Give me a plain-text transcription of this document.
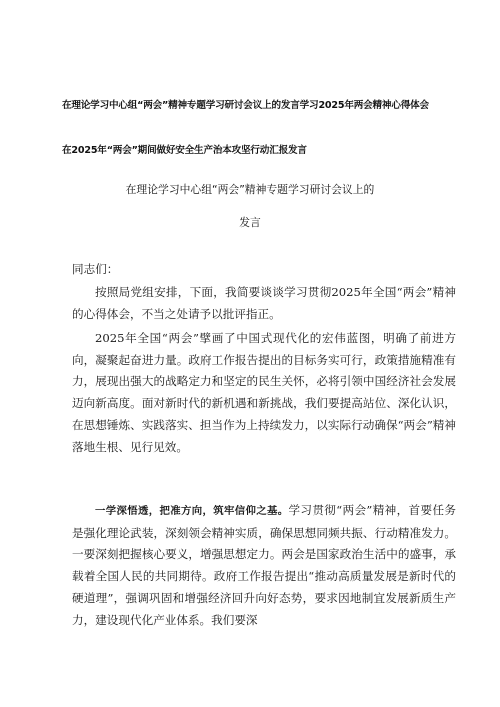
在理论学习中心组“两会”精神专题学习研讨会议上的发言学习2025年两会精神心得体会
在2025年“两会”期间做好安全生产治本攻坚行动汇报发言
在理论学习中心组“两会”精神专题学习研讨会议上的
发言
同志们：
按照局党组安排，下面，我简要谈谈学习贯彻2025年全国“两会”精神的心得体会，不当之处请予以批评指正。
2025年全国“两会”擘画了中国式现代化的宏伟蓝图，明确了前进方向，凝聚起奋进力量。政府工作报告提出的目标务实可行，政策措施精准有力，展现出强大的战略定力和坚定的民生关怀，必将引领中国经济社会发展迈向新高度。面对新时代的新机遇和新挑战，我们要提高站位、深化认识，在思想锤炼、实践落实、担当作为上持续发力，以实际行动确保“两会”精神落地生根、见行见效。
一学深悟透，把准方向，筑牢信仰之基。学习贯彻“两会”精神，首要任务是强化理论武装，深刻领会精神实质，确保思想同频共振、行动精准发力。一要深刻把握核心要义，增强思想定力。两会是国家政治生活中的盛事，承载着全国人民的共同期待。政府工作报告提出“推动高质量发展是新时代的硬道理”，强调巩固和增强经济回升向好态势，要求因地制宜发展新质生产力，建设现代化产业体系。我们要深
